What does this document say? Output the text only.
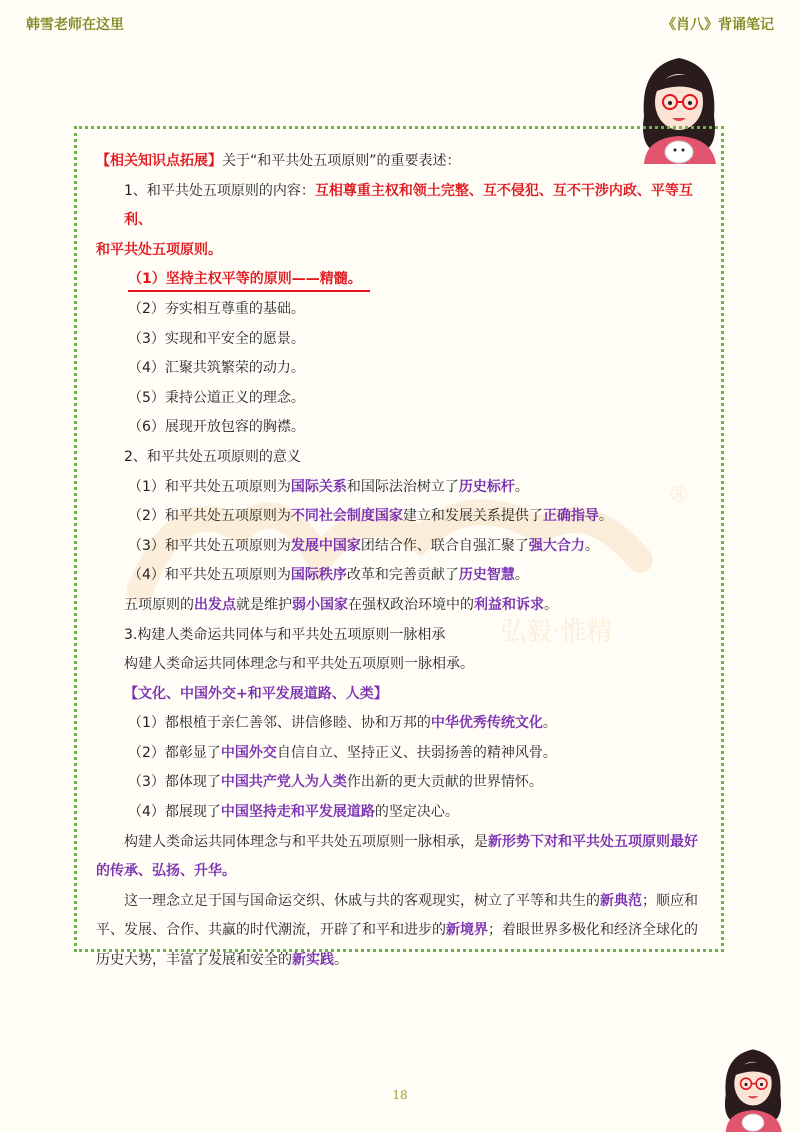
韩雪老师在这里	《肖八》背诵笔记
®
弘毅·惟精

【相关知识点拓展】关于“和平共处五项原则”的重要表述：

1、和平共处五项原则的内容：互相尊重主权和领土完整、互不侵犯、互不干涉内政、平等互利、

和平共处五项原则。

（1）坚持主权平等的原则——精髓。

（2）夯实相互尊重的基础。

（3）实现和平安全的愿景。

（4）汇聚共筑繁荣的动力。

（5）秉持公道正义的理念。

（6）展现开放包容的胸襟。

2、和平共处五项原则的意义

（1）和平共处五项原则为国际关系和国际法治树立了历史标杆。

（2）和平共处五项原则为不同社会制度国家建立和发展关系提供了正确指导。

（3）和平共处五项原则为发展中国家团结合作、联合自强汇聚了强大合力。

（4）和平共处五项原则为国际秩序改革和完善贡献了历史智慧。

五项原则的出发点就是维护弱小国家在强权政治环境中的利益和诉求。

3.构建人类命运共同体与和平共处五项原则一脉相承

构建人类命运共同体理念与和平共处五项原则一脉相承。

【文化、中国外交+和平发展道路、人类】

（1）都根植于亲仁善邻、讲信修睦、协和万邦的中华优秀传统文化。

（2）都彰显了中国外交自信自立、坚持正义、扶弱扬善的精神风骨。

（3）都体现了中国共产党人为人类作出新的更大贡献的世界情怀。

（4）都展现了中国坚持走和平发展道路的坚定决心。

构建人类命运共同体理念与和平共处五项原则一脉相承，是新形势下对和平共处五项原则最好

的传承、弘扬、升华。

这一理念立足于国与国命运交织、休戚与共的客观现实，树立了平等和共生的新典范；顺应和

平、发展、合作、共赢的时代潮流，开辟了和平和进步的新境界；着眼世界多极化和经济全球化的

历史大势，丰富了发展和安全的新实践。

18
